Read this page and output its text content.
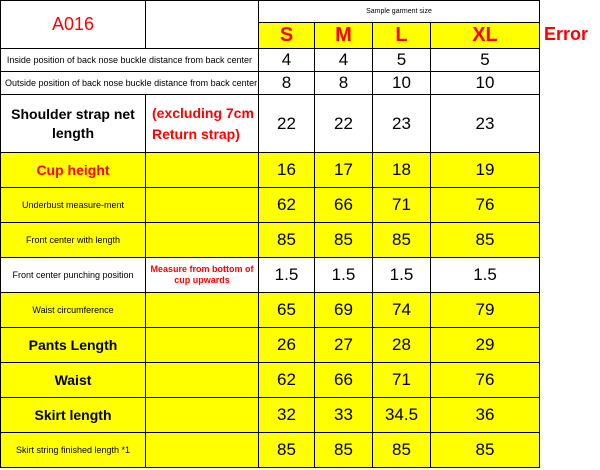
A016		Sample garment size			
		S	M	L	XL
Inside position of back nose buckle distance from back center		4	4	5	5
Outside position of back nose buckle distance from back center		8	8	10	10
Shoulder strap net length	(excluding 7cm Return strap)	22	22	23	23
Cup height		16	17	18	19
Underbust measure-ment		62	66	71	76
Front center with length		85	85	85	85
Front center punching position	Measure from bottom of cup upwards	1.5	1.5	1.5	1.5
Waist circumference		65	69	74	79
Pants Length		26	27	28	29
Waist		62	66	71	76
Skirt length		32	33	34.5	36
Skirt string finished length *1		85	85	85	85
Error
